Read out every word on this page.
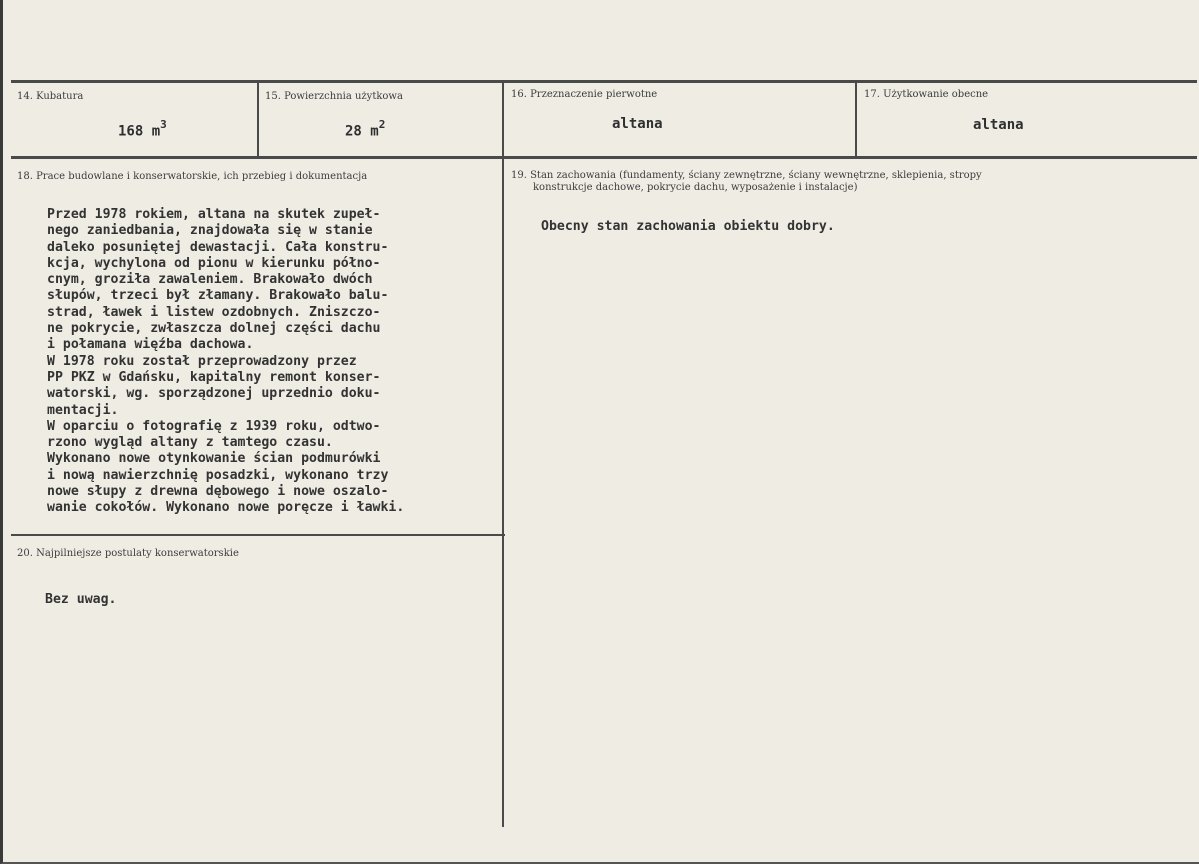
14. Kubatura
168 $m^3$
15. Powierzchnia użytkowa
28 $m^2$
16. Przeznaczenie pierwotne
altana
17. Użytkowanie obecne
altana
18. Prace budowlane i konserwatorskie, ich przebieg i dokumentacja
Przed 1978 rokiem, altana na skutek zupeł-
nego zaniedbania, znajdowała się w stanie
daleko posuniętej dewastacji. Cała konstru-
kcja, wychylona od pionu w kierunku półno-
cnym, groziła zawaleniem. Brakowało dwóch
słupów, trzeci był złamany. Brakowało balu-
strad, ławek i listew ozdobnych. Zniszczo-
ne pokrycie, zwłaszcza dolnej części dachu
i połamana więźba dachowa.
W 1978 roku został przeprowadzony przez
PP PKZ w Gdańsku, kapitalny remont konser-
watorski, wg. sporządzonej uprzednio doku-
mentacji.
W oparciu o fotografię z 1939 roku, odtwo-
rzono wygląd altany z tamtego czasu.
Wykonano nowe otynkowanie ścian podmurówki
i nową nawierzchnię posadzki, wykonano trzy
nowe słupy z drewna dębowego i nowe oszalo-
wanie cokołów. Wykonano nowe poręcze i ławki.
19. Stan zachowania (fundamenty, ściany zewnętrzne, ściany wewnętrzne, sklepienia, stropy
konstrukcje dachowe, pokrycie dachu, wyposażenie i instalacje)
Obecny stan zachowania obiektu dobry.
20. Najpilniejsze postulaty konserwatorskie
Bez uwag.
